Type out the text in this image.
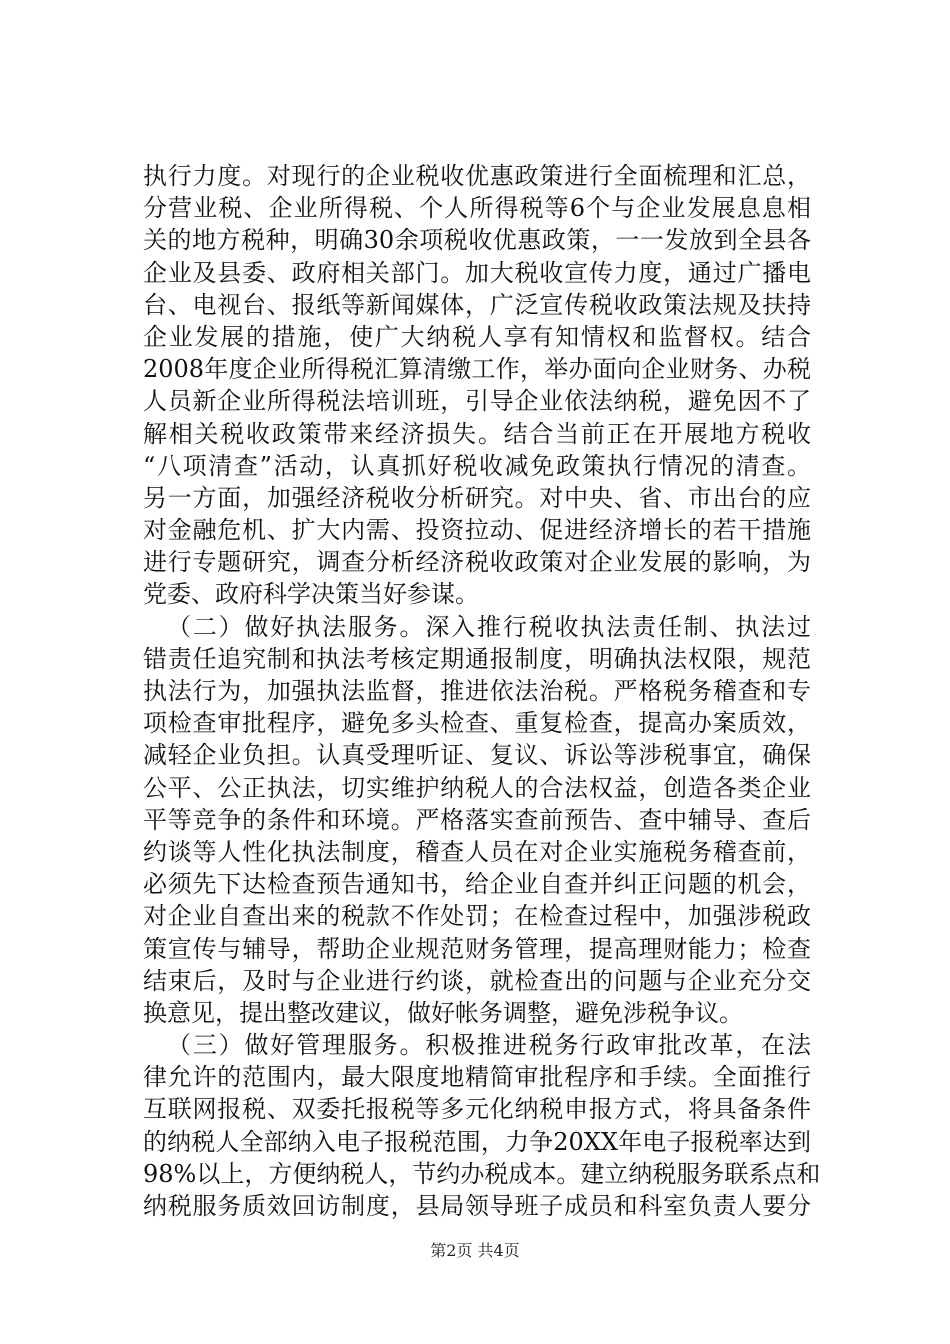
执行力度。对现行的企业税收优惠政策进行全面梳理和汇总，
分营业税、企业所得税、个人所得税等6个与企业发展息息相
关的地方税种，明确30余项税收优惠政策，一一发放到全县各
企业及县委、政府相关部门。加大税收宣传力度，通过广播电
台、电视台、报纸等新闻媒体，广泛宣传税收政策法规及扶持
企业发展的措施，使广大纳税人享有知情权和监督权。结合
2008年度企业所得税汇算清缴工作，举办面向企业财务、办税
人员新企业所得税法培训班，引导企业依法纳税，避免因不了
解相关税收政策带来经济损失。结合当前正在开展地方税收
“八项清查”活动，认真抓好税收减免政策执行情况的清查。
另一方面，加强经济税收分析研究。对中央、省、市出台的应
对金融危机、扩大内需、投资拉动、促进经济增长的若干措施
进行专题研究，调查分析经济税收政策对企业发展的影响，为
党委、政府科学决策当好参谋。
（二）做好执法服务。深入推行税收执法责任制、执法过
错责任追究制和执法考核定期通报制度，明确执法权限，规范
执法行为，加强执法监督，推进依法治税。严格税务稽查和专
项检查审批程序，避免多头检查、重复检查，提高办案质效，
减轻企业负担。认真受理听证、复议、诉讼等涉税事宜，确保
公平、公正执法，切实维护纳税人的合法权益，创造各类企业
平等竞争的条件和环境。严格落实查前预告、查中辅导、查后
约谈等人性化执法制度，稽查人员在对企业实施税务稽查前，
必须先下达检查预告通知书，给企业自查并纠正问题的机会，
对企业自查出来的税款不作处罚；在检查过程中，加强涉税政
策宣传与辅导，帮助企业规范财务管理，提高理财能力；检查
结束后，及时与企业进行约谈，就检查出的问题与企业充分交
换意见，提出整改建议，做好帐务调整，避免涉税争议。
（三）做好管理服务。积极推进税务行政审批改革，在法
律允许的范围内，最大限度地精简审批程序和手续。全面推行
互联网报税、双委托报税等多元化纳税申报方式，将具备条件
的纳税人全部纳入电子报税范围，力争20XX年电子报税率达到
98%以上，方便纳税人，节约办税成本。建立纳税服务联系点和
纳税服务质效回访制度，县局领导班子成员和科室负责人要分
第2页 共4页
